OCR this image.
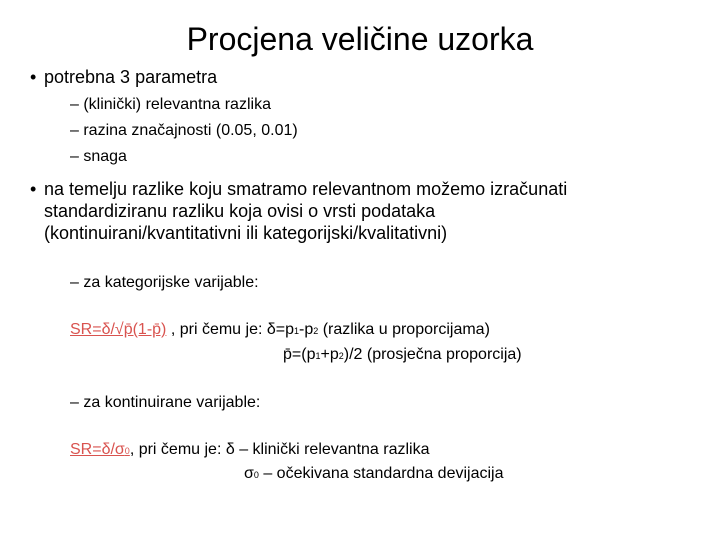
Procjena veličine uzorka
• potrebna 3 parametra
– (klinički) relevantna razlika
– razina značajnosti (0.05, 0.01)
– snaga
• na temelju razlike koju smatramo relevantnom možemo izračunati
standardiziranu razliku koja ovisi o vrsti podataka
(kontinuirani/kvantitativni ili kategorijski/kvalitativni)
– za kategorijske varijable:
SR=δ/√p̄(1-p̄) , pri čemu je: δ=p1-p2 (razlika u proporcijama)
p̄=(p1+p2)/2 (prosječna proporcija)
– za kontinuirane varijable:
SR=δ/σ0, pri čemu je: δ – klinički relevantna razlika
σ0 – očekivana standardna devijacija
